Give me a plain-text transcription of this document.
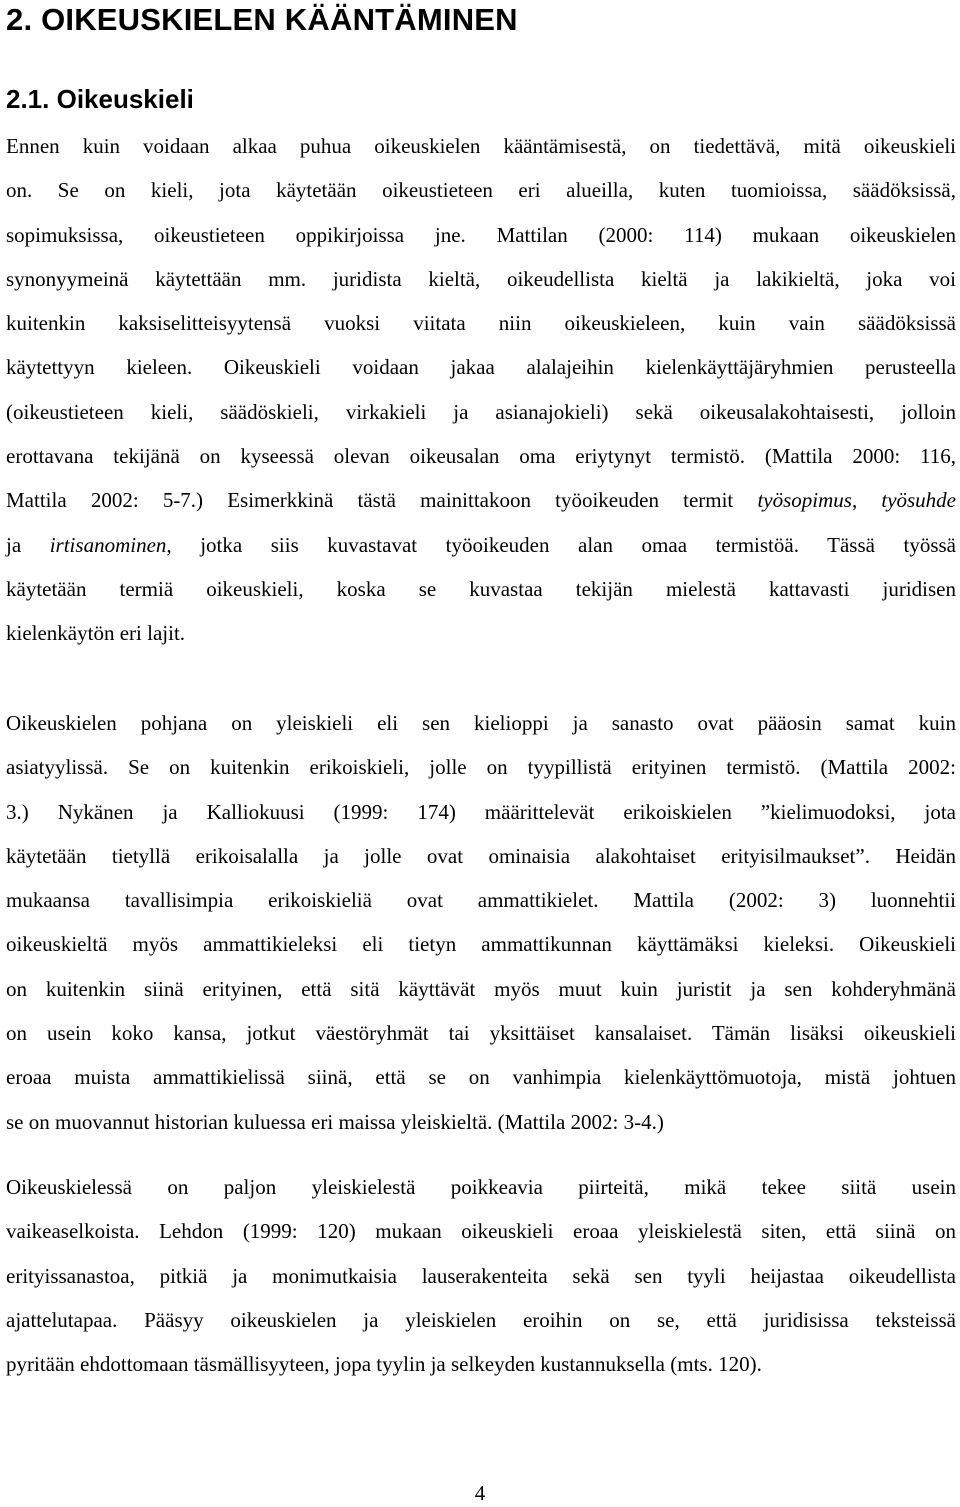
2. OIKEUSKIELEN KÄÄNTÄMINEN
2.1. Oikeuskieli
Ennen kuin voidaan alkaa puhua oikeuskielen kääntämisestä, on tiedettävä, mitä oikeuskieli
on. Se on kieli, jota käytetään oikeustieteen eri alueilla, kuten tuomioissa, säädöksissä,
sopimuksissa, oikeustieteen oppikirjoissa jne. Mattilan (2000: 114) mukaan oikeuskielen
synonyymeinä käytettään mm. juridista kieltä, oikeudellista kieltä ja lakikieltä, joka voi
kuitenkin kaksiselitteisyytensä vuoksi viitata niin oikeuskieleen, kuin vain säädöksissä
käytettyyn kieleen. Oikeuskieli voidaan jakaa alalajeihin kielenkäyttäjäryhmien perusteella
(oikeustieteen kieli, säädöskieli, virkakieli ja asianajokieli) sekä oikeusalakohtaisesti, jolloin
erottavana tekijänä on kyseessä olevan oikeusalan oma eriytynyt termistö. (Mattila 2000: 116,
Mattila 2002: 5-7.) Esimerkkinä tästä mainittakoon työoikeuden termit työsopimus, työsuhde
ja irtisanominen, jotka siis kuvastavat työoikeuden alan omaa termistöä. Tässä työssä
käytetään termiä oikeuskieli, koska se kuvastaa tekijän mielestä kattavasti juridisen
kielenkäytön eri lajit.
Oikeuskielen pohjana on yleiskieli eli sen kielioppi ja sanasto ovat pääosin samat kuin
asiatyylissä. Se on kuitenkin erikoiskieli, jolle on tyypillistä erityinen termistö. (Mattila 2002:
3.) Nykänen ja Kalliokuusi (1999: 174) määrittelevät erikoiskielen ”kielimuodoksi, jota
käytetään tietyllä erikoisalalla ja jolle ovat ominaisia alakohtaiset erityisilmaukset”. Heidän
mukaansa tavallisimpia erikoiskieliä ovat ammattikielet. Mattila (2002: 3) luonnehtii
oikeuskieltä myös ammattikieleksi eli tietyn ammattikunnan käyttämäksi kieleksi. Oikeuskieli
on kuitenkin siinä erityinen, että sitä käyttävät myös muut kuin juristit ja sen kohderyhmänä
on usein koko kansa, jotkut väestöryhmät tai yksittäiset kansalaiset. Tämän lisäksi oikeuskieli
eroaa muista ammattikielissä siinä, että se on vanhimpia kielenkäyttömuotoja, mistä johtuen
se on muovannut historian kuluessa eri maissa yleiskieltä. (Mattila 2002: 3-4.)
Oikeuskielessä on paljon yleiskielestä poikkeavia piirteitä, mikä tekee siitä usein
vaikeaselkoista. Lehdon (1999: 120) mukaan oikeuskieli eroaa yleiskielestä siten, että siinä on
erityissanastoa, pitkiä ja monimutkaisia lauserakenteita sekä sen tyyli heijastaa oikeudellista
ajattelutapaa. Pääsyy oikeuskielen ja yleiskielen eroihin on se, että juridisissa teksteissä
pyritään ehdottomaan täsmällisyyteen, jopa tyylin ja selkeyden kustannuksella (mts. 120).
4
